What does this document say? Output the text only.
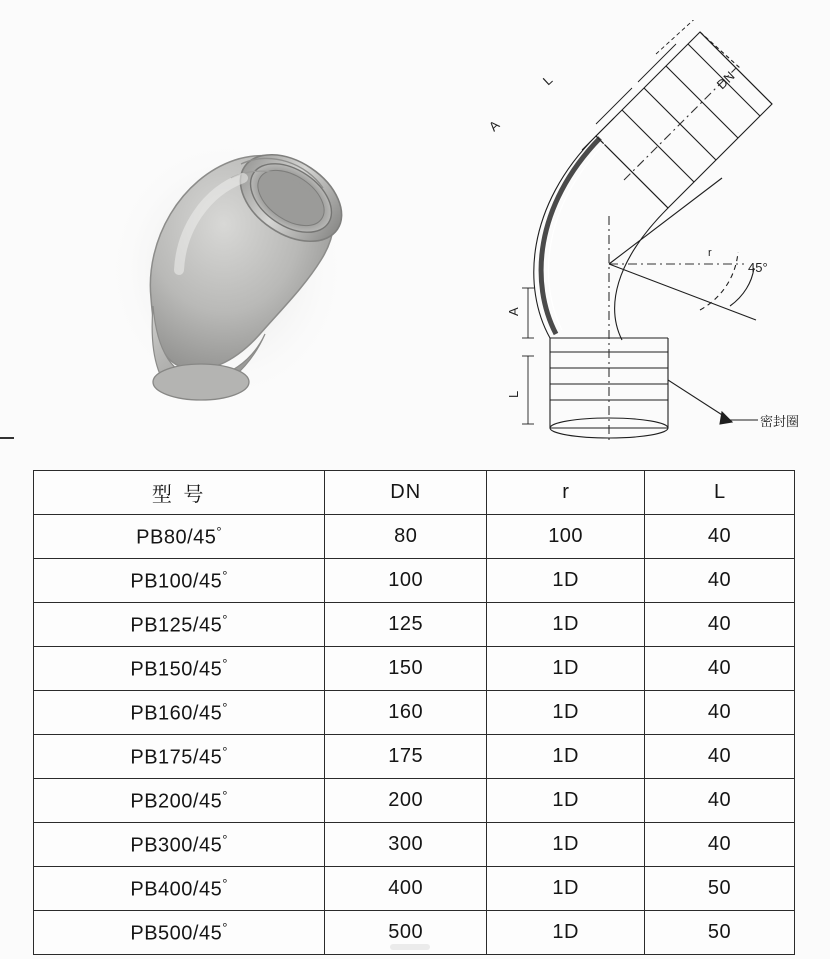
L
A
DN
45°
r
A
L
密封圈
型 号	DN	r	L
PB80/45°	80	100	40
PB100/45°	100	1D	40
PB125/45°	125	1D	40
PB150/45°	150	1D	40
PB160/45°	160	1D	40
PB175/45°	175	1D	40
PB200/45°	200	1D	40
PB300/45°	300	1D	40
PB400/45°	400	1D	50
PB500/45°	500	1D	50
